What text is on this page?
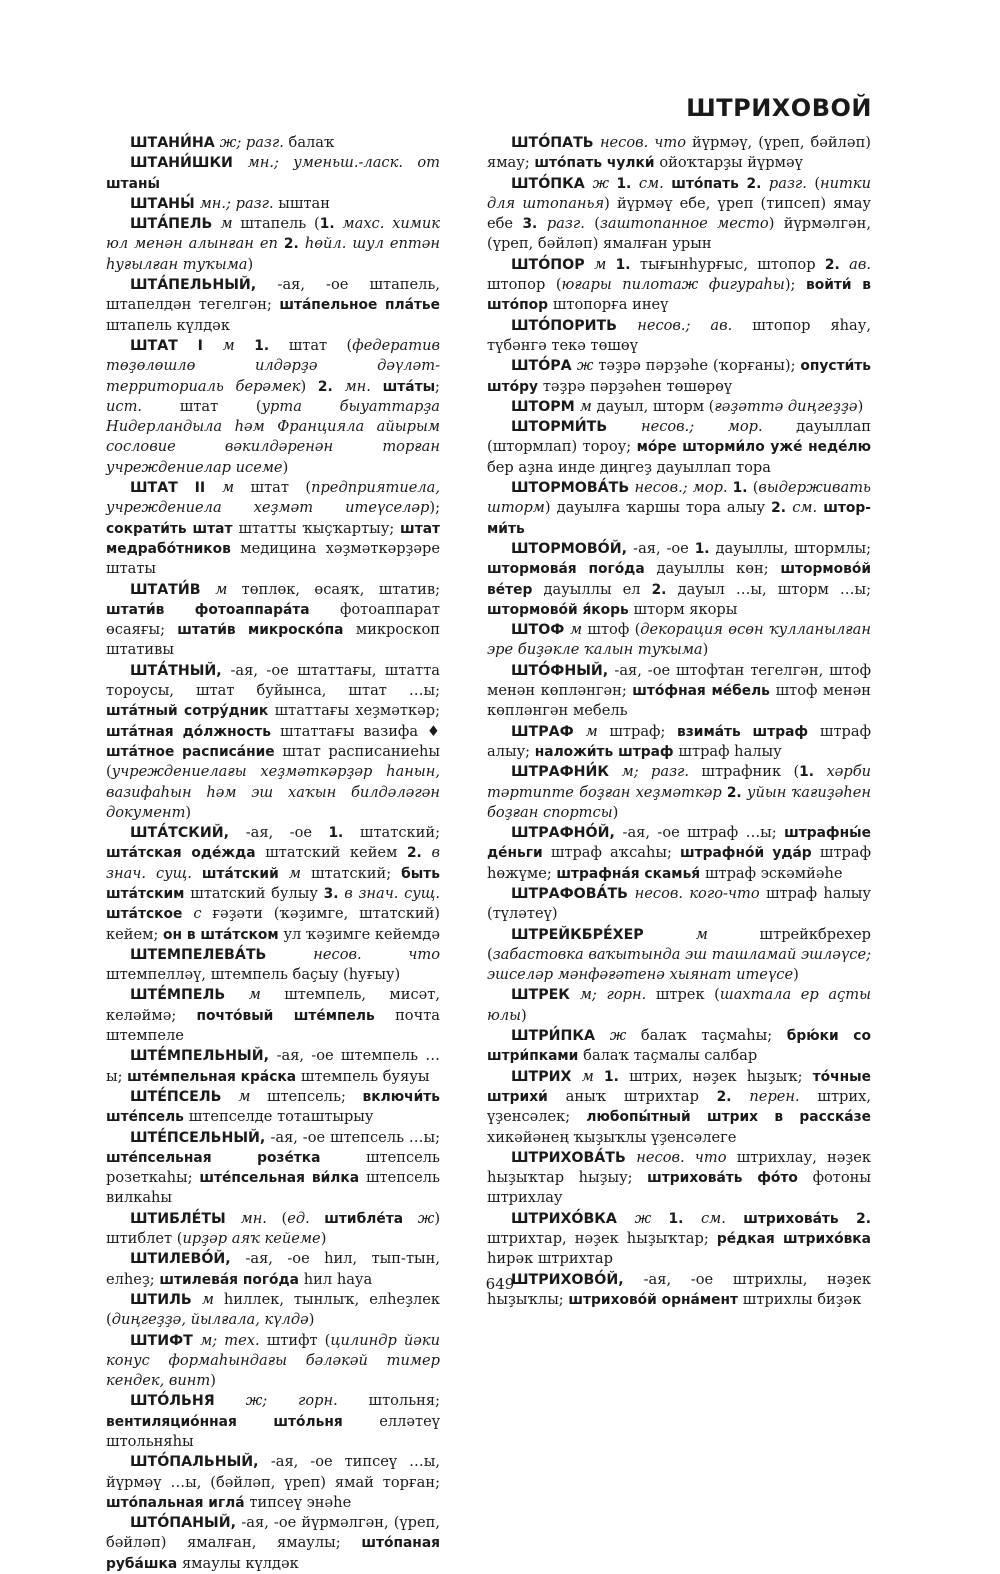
ШТРИХОВОЙ

ШТАНИ́НА ж; разг. балаҡ

ШТАНИ́ШКИ мн.; уменьш.-ласк. от штаны́

ШТАНЫ́ мн.; разг. ыштан

ШТА́ПЕЛЬ м штапель (1. махс. химик юл менән алынған еп 2. һөйл. шул ептән һуғылған туҡыма)

ШТА́ПЕЛЬНЫЙ, -ая, -ое штапель, штапелдән тегелгән; шта́пельное пла́тье штапель күлдәк

ШТАТ I м 1. штат (федератив төҙөлөшлө илдәрҙә дәүләт-территориаль берәмек) 2. мн. шта́ты; ист. штат (урта быуаттарҙа Нидерландыла һәм Францияла айырым сословие вәкилдәренән торған учреждениелар исеме)

ШТАТ II м штат (предприятиела, учреждениела хеҙмәт итеүселәр); сократи́ть штат штатты ҡыҫҡартыу; штат медрабо́тников медицина хәҙмәткәрҙәре штаты

ШТАТИ́В м төплөк, өсаяҡ, штатив; штати́в фотоаппара́та фотоаппарат өсаяғы; штати́в микроско́па микроскоп штативы

ШТА́ТНЫЙ, -ая, -ое штаттағы, штатта тороусы, штат буйынса, штат …ы; шта́тный сотру́дник штаттағы хеҙмәткәр; шта́тная до́лжность штаттағы вазифа ♦ шта́тное расписа́ние штат расписаниеһы (учреждениелағы хеҙмәткәрҙәр һанын, вазифаһын һәм эш хаҡын билдәләгән документ)

ШТА́ТСКИЙ, -ая, -ое 1. штатский; шта́тская оде́жда штатский кейем 2. в знач. сущ. шта́тский м штатский; быть шта́тским штатский булыу 3. в знач. сущ. шта́тское с ғәҙәти (ҡәҙимге, штатский) кейем; он в шта́тском ул ҡәҙимге кейемдә

ШТЕМПЕЛЕВА́ТЬ несов. что штемпелләү, штемпель баҫыу (һуғыу)

ШТЕ́МПЕЛЬ м штемпель, мисәт, келәймә; почто́вый ште́мпель почта штемпеле

ШТЕ́МПЕЛЬНЫЙ, -ая, -ое штемпель …ы; ште́мпельная кра́ска штемпель буяуы

ШТЕ́ПСЕЛЬ м штепсель; включи́ть ште́псель штепселде тоташтырыу

ШТЕ́ПСЕЛЬНЫЙ, -ая, -ое штепсель …ы; ште́псельная розе́тка штепсель розеткаһы; ште́псельная ви́лка штепсель вилкаһы

ШТИБЛЕ́ТЫ мн. (ед. штибле́та ж) штиблет (ирҙәр аяҡ кейеме)

ШТИЛЕВО́Й, -ая, -ое һил, тып-тын, елһеҙ; штилева́я пого́да һил һауа

ШТИЛЬ м һиллек, тынлыҡ, елһеҙлек (диңгеҙҙә, йылғала, күлдә)

ШТИФТ м; тех. штифт (цилиндр йәки конус формаһындағы бәләкәй тимер кендек, винт)

ШТО́ЛЬНЯ ж; горн. штольня; вентиляцио́нная што́льня елләтеү штольняһы

ШТО́ПАЛЬНЫЙ, -ая, -ое типсеү …ы, йүрмәү …ы, (бәйләп, үреп) ямай торған; што́пальная игла́ типсеү энәһе

ШТО́ПАНЫЙ, -ая, -ое йүрмәлгән, (үреп, бәйләп) ямалған, ямаулы; што́паная руба́шка ямаулы күлдәк

ШТО́ПАТЬ несов. что йүрмәү, (үреп, бәйләп) ямау; што́пать чулки́ ойоҡтарҙы йүрмәү

ШТО́ПКА ж 1. см. што́пать 2. разг. (нитки для штопанья) йүрмәү ебе, үреп (типсеп) ямау ебе 3. разг. (заштопанное место) йүрмәлгән, (үреп, бәйләп) ямалған урын

ШТО́ПОР м 1. тығынһурғыс, штопор 2. ав. штопор (юғары пилотаж фигураһы); войти́ в што́пор штопорға инеү

ШТО́ПОРИТЬ несов.; ав. штопор яһау, түбәнгә текә төшөү

ШТО́РА ж тәҙрә пәрҙәһе (ҡорғаны); опусти́ть што́ру тәҙрә пәрҙәһен төшөрөү

ШТОРМ м дауыл, шторм (ғәҙәттә диңгеҙҙә)

ШТОРМИ́ТЬ несов.; мор. дауыллап (штормлап) тороу; мо́ре шторми́ло уже́ неде́лю бер аҙна инде диңгеҙ дауыллап тора

ШТОРМОВА́ТЬ несов.; мор. 1. (выдерживать шторм) дауылға ҡаршы тора алыу 2. см. шторми́ть

ШТОРМОВО́Й, -ая, -ое 1. дауыллы, штормлы; штормова́я пого́да дауыллы көн; штормово́й ве́тер дауыллы ел 2. дауыл …ы, шторм …ы; штормово́й я́корь шторм якоры

ШТОФ м штоф (декорация өсөн ҡулланылған эре биҙәкле ҡалын туҡыма)

ШТО́ФНЫЙ, -ая, -ое штофтан тегелгән, штоф менән көпләнгән; што́фная ме́бель штоф менән көпләнгән мебель

ШТРАФ м штраф; взима́ть штраф штраф алыу; наложи́ть штраф штраф һалыу

ШТРАФНИ́К м; разг. штрафник (1. хәрби тәртипте боҙған хеҙмәткәр 2. уйын ҡағиҙәһен боҙған спортсы)

ШТРАФНО́Й, -ая, -ое штраф …ы; штрафны́е де́ньги штраф аҡсаһы; штрафно́й уда́р штраф һөжүме; штрафна́я скамья́ штраф эскәмйәһе

ШТРАФОВА́ТЬ несов. кого-что штраф һалыу (түләтеү)

ШТРЕЙКБРЕ́ХЕР м штрейкбрехер (забастовка ваҡытында эш ташламай эшләүсе; эшселәр мәнфәғәтенә хыянат итеүсе)

ШТРЕК м; горн. штрек (шахтала ер аҫты юлы)

ШТРИ́ПКА ж балаҡ таҫмаһы; брю́ки со штри́пками балаҡ таҫмалы салбар

ШТРИХ м 1. штрих, нәҙек һыҙыҡ; то́чные штрихи́ аныҡ штрихтар 2. перен. штрих, үҙенсәлек; любопы́тный штрих в расска́зе хикәйәнең ҡыҙыҡлы үҙенсәлеге

ШТРИХОВА́ТЬ несов. что штрихлау, нәҙек һыҙыҡтар һыҙыу; штрихова́ть фо́то фотоны штрихлау

ШТРИХО́ВКА ж 1. см. штрихова́ть 2. штрихтар, нәҙек һыҙыҡтар; ре́дкая штрихо́вка һирәк штрихтар

ШТРИХОВО́Й, -ая, -ое штрихлы, нәҙек һыҙыҡлы; штрихово́й орна́мент штрихлы биҙәк

649
